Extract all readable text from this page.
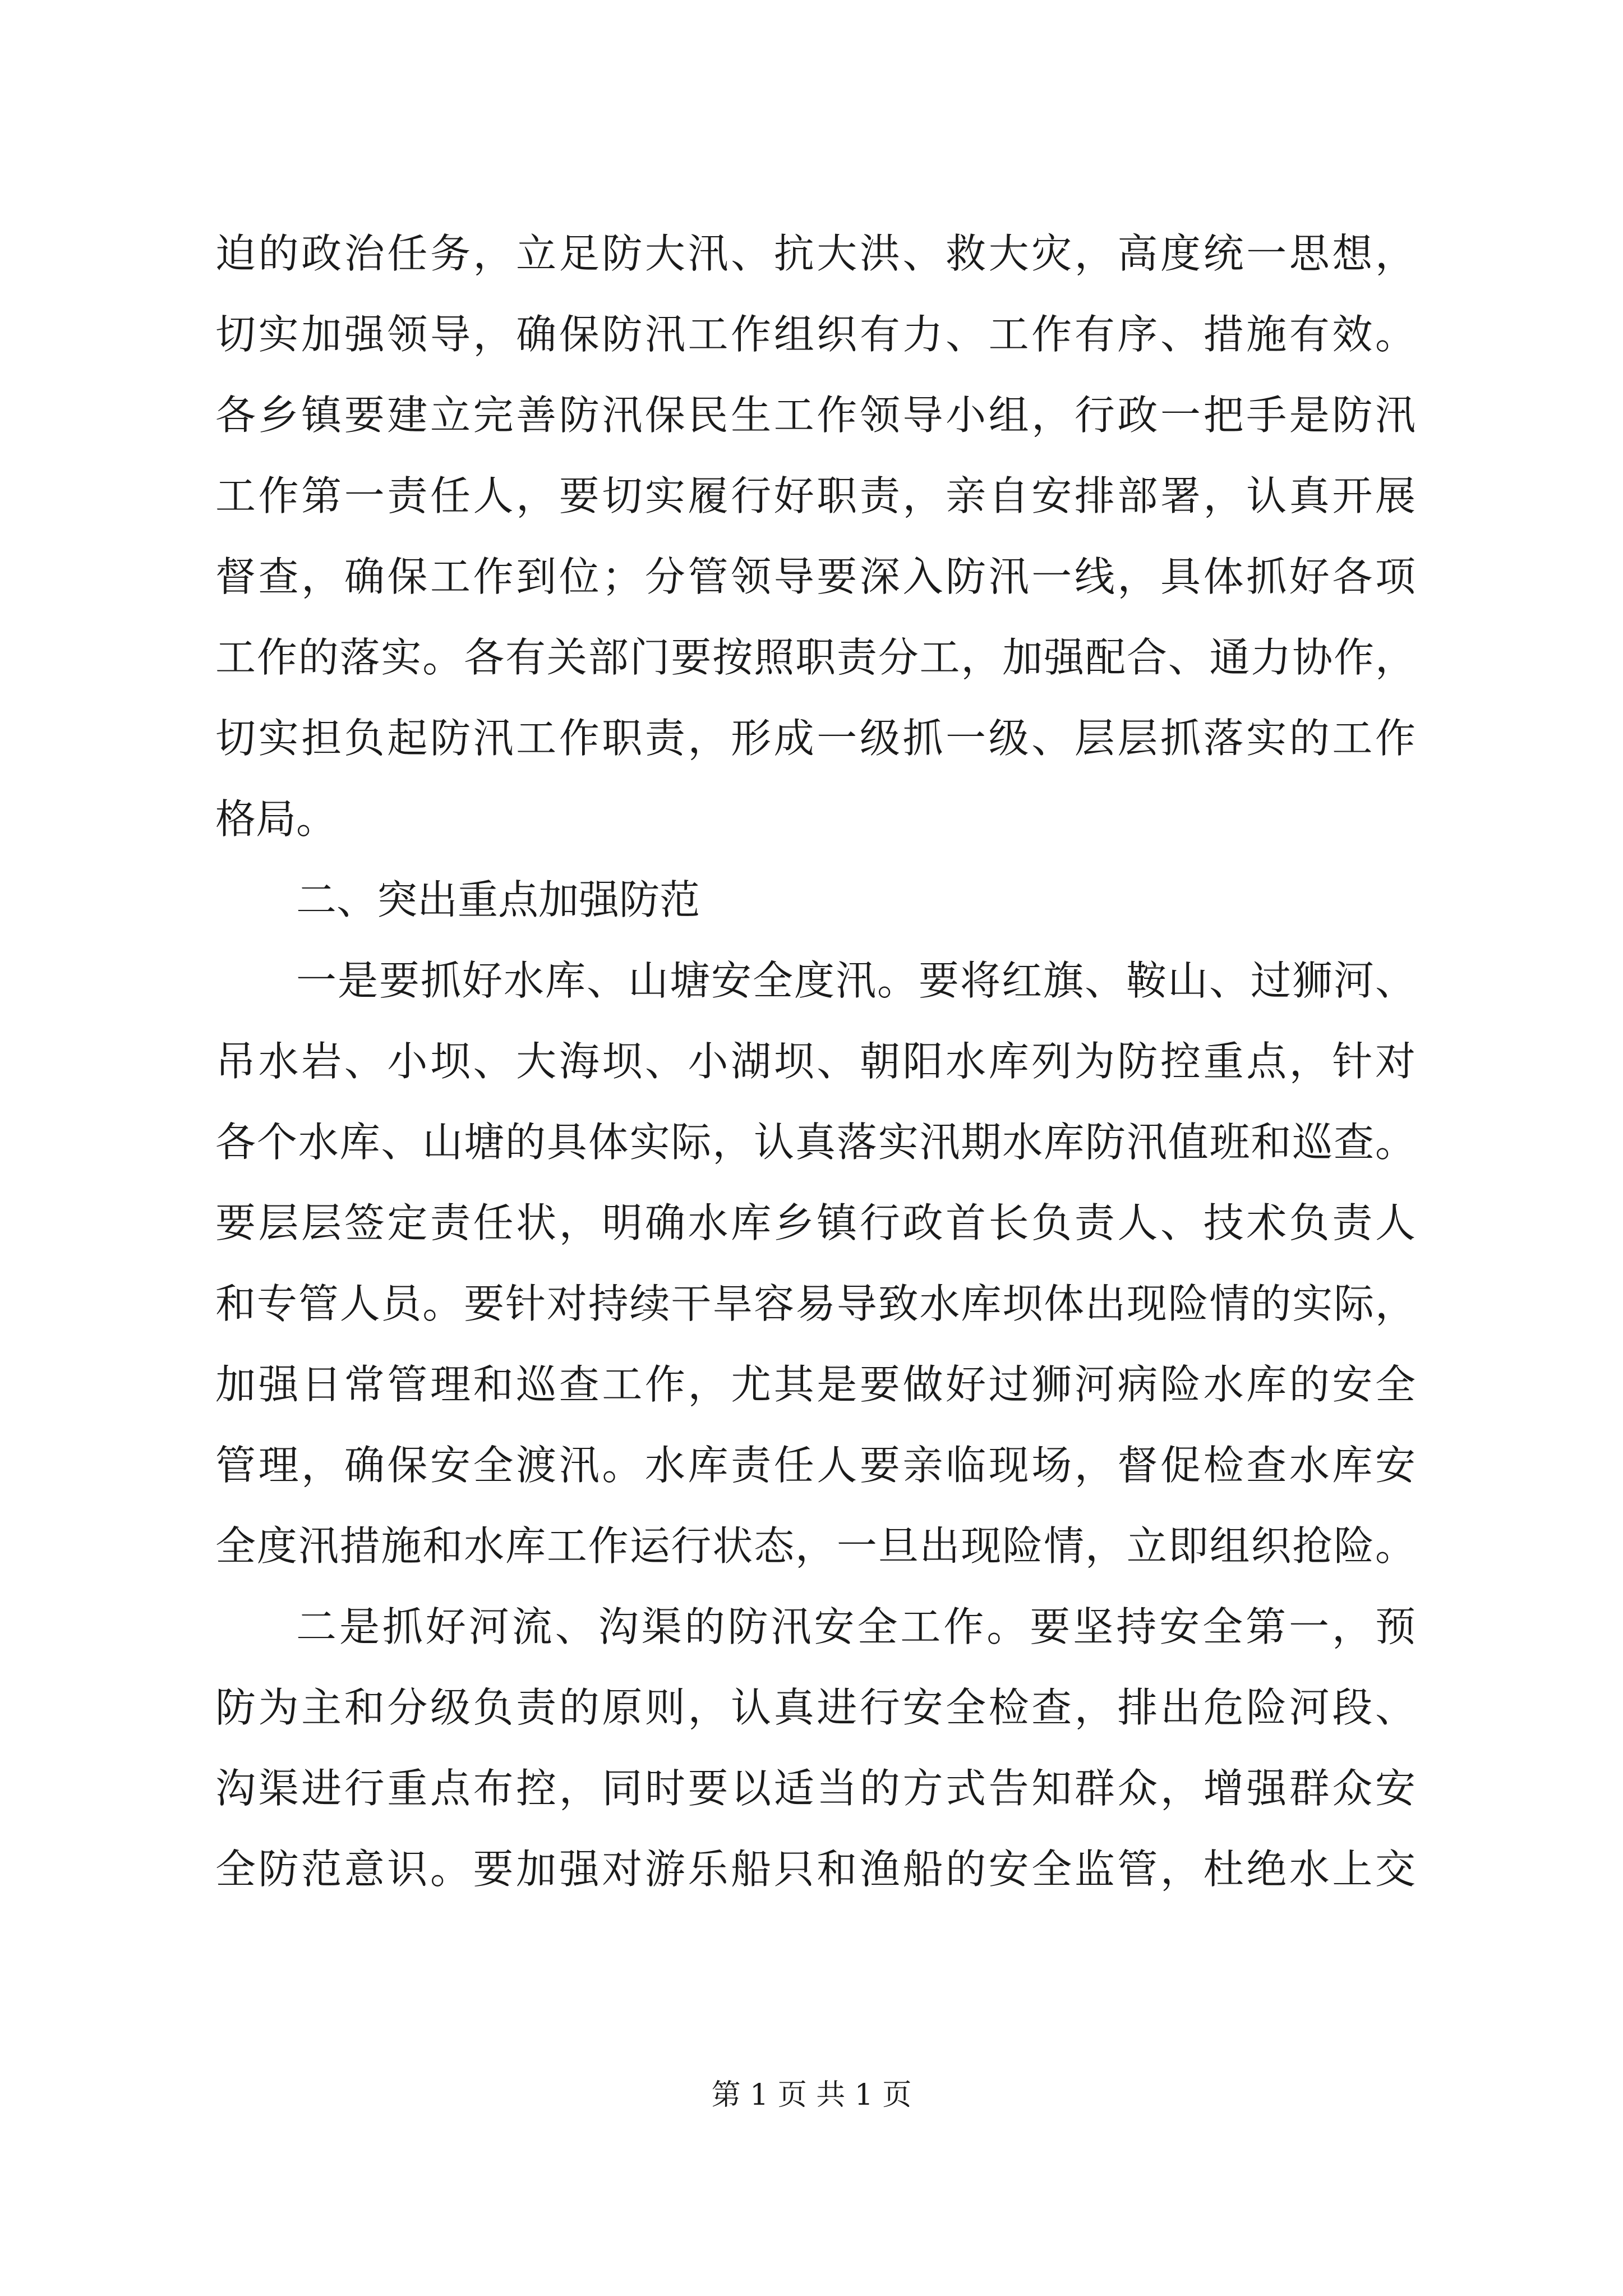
迫的政治任务，立足防大汛、抗大洪、救大灾，高度统一思想，
切实加强领导，确保防汛工作组织有力、工作有序、措施有效。
各乡镇要建立完善防汛保民生工作领导小组，行政一把手是防汛
工作第一责任人，要切实履行好职责，亲自安排部署，认真开展
督查，确保工作到位；分管领导要深入防汛一线，具体抓好各项
工作的落实。各有关部门要按照职责分工，加强配合、通力协作，
切实担负起防汛工作职责，形成一级抓一级、层层抓落实的工作
格局。
二、突出重点加强防范
一是要抓好水库、山塘安全度汛。要将红旗、鞍山、过狮河、
吊水岩、小坝、大海坝、小湖坝、朝阳水库列为防控重点，针对
各个水库、山塘的具体实际，认真落实汛期水库防汛值班和巡查。
要层层签定责任状，明确水库乡镇行政首长负责人、技术负责人
和专管人员。要针对持续干旱容易导致水库坝体出现险情的实际，
加强日常管理和巡查工作，尤其是要做好过狮河病险水库的安全
管理，确保安全渡汛。水库责任人要亲临现场，督促检查水库安
全度汛措施和水库工作运行状态，一旦出现险情，立即组织抢险。
二是抓好河流、沟渠的防汛安全工作。要坚持安全第一，预
防为主和分级负责的原则，认真进行安全检查，排出危险河段、
沟渠进行重点布控，同时要以适当的方式告知群众，增强群众安
全防范意识。要加强对游乐船只和渔船的安全监管，杜绝水上交
第 1 页 共 1 页
